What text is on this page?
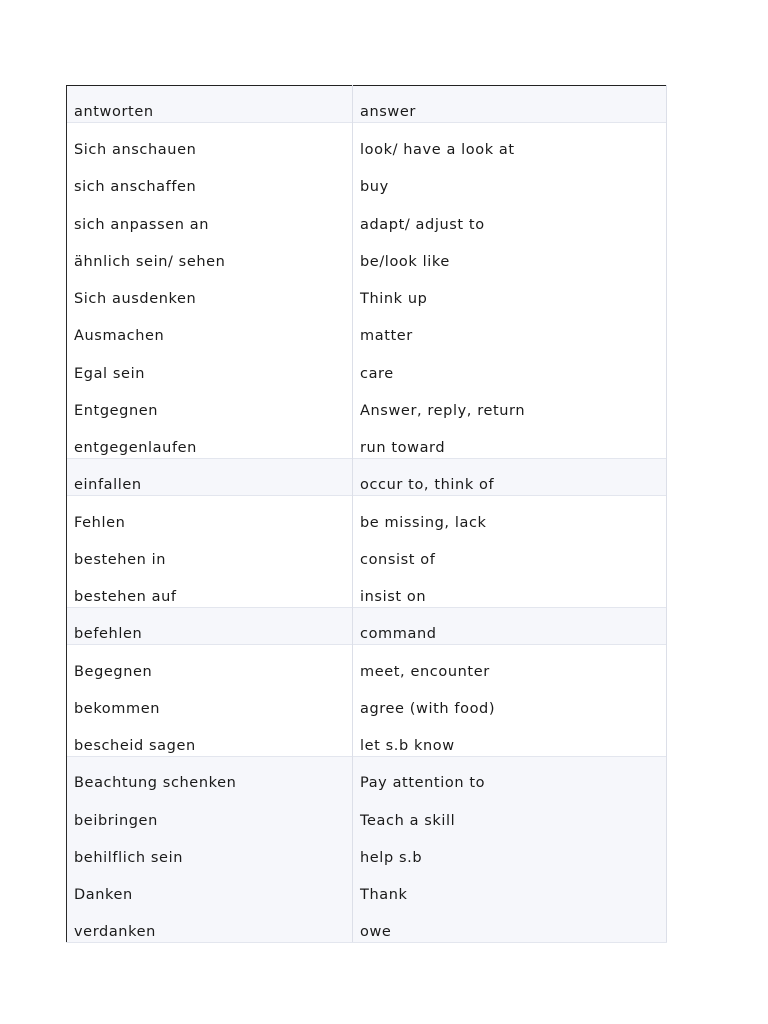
antworten	answer
Sich anschauen	look/ have a look at
sich anschaffen	buy
sich anpassen an	adapt/ adjust to
ähnlich sein/ sehen	be/look like
Sich ausdenken	Think up
Ausmachen	matter
Egal sein	care
Entgegnen	Answer, reply, return
entgegenlaufen	run toward
einfallen	occur to, think of
Fehlen	be missing, lack
bestehen in	consist of
bestehen auf	insist on
befehlen	command
Begegnen	meet, encounter
bekommen	agree (with food)
bescheid sagen	let s.b know
Beachtung schenken	Pay attention to
beibringen	Teach a skill
behilflich sein	help s.b
Danken	Thank
verdanken	owe
